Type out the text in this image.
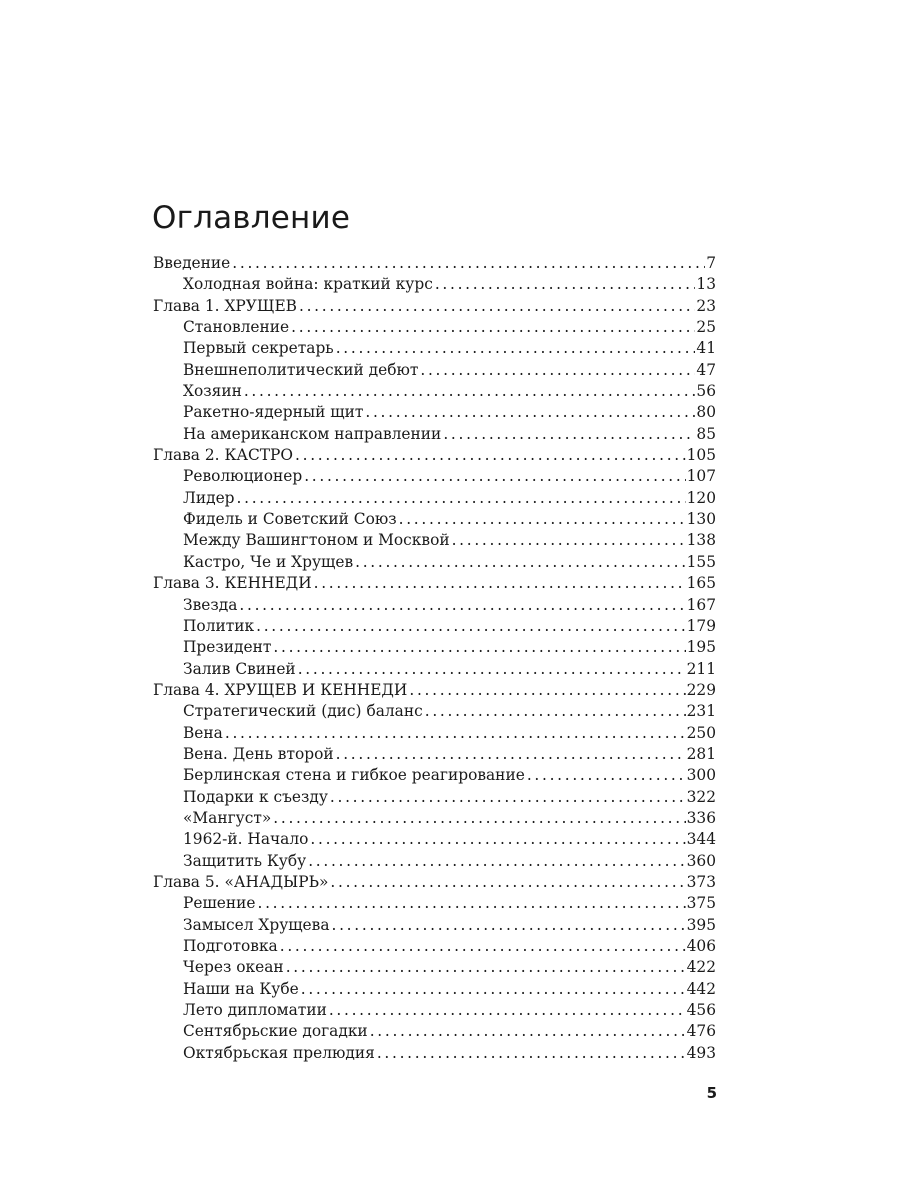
Оглавление
Введение . . .	7
Холодная война: краткий курс . . .	13
Глава 1. ХРУЩЕВ . . .	23
Становление . . .	25
Первый секретарь . . .	41
Внешнеполитический дебют . . .	47
Хозяин . . .	56
Ракетно-ядерный щит . . .	80
На американском направлении . . .	85
Глава 2. КАСТРО . . .	105
Революционер . . .	107
Лидер . . .	120
Фидель и Советский Союз . . .	130
Между Вашингтоном и Москвой . . .	138
Кастро, Че и Хрущев . . .	155
Глава 3. КЕННЕДИ . . .	165
Звезда . . .	167
Политик . . .	179
Президент . . .	195
Залив Свиней . . .	211
Глава 4. ХРУЩЕВ И КЕННЕДИ . . .	229
Стратегический (дис) баланс . . .	231
Вена . . .	250
Вена. День второй . . .	281
Берлинская стена и гибкое реагирование . . .	300
Подарки к съезду . . .	322
«Мангуст» . . .	336
1962-й. Начало . . .	344
Защитить Кубу . . .	360
Глава 5. «АНАДЫРЬ» . . .	373
Решение . . .	375
Замысел Хрущева . . .	395
Подготовка . . .	406
Через океан . . .	422
Наши на Кубе . . .	442
Лето дипломатии . . .	456
Сентябрьские догадки . . .	476
Октябрьская прелюдия . . .	493
5
